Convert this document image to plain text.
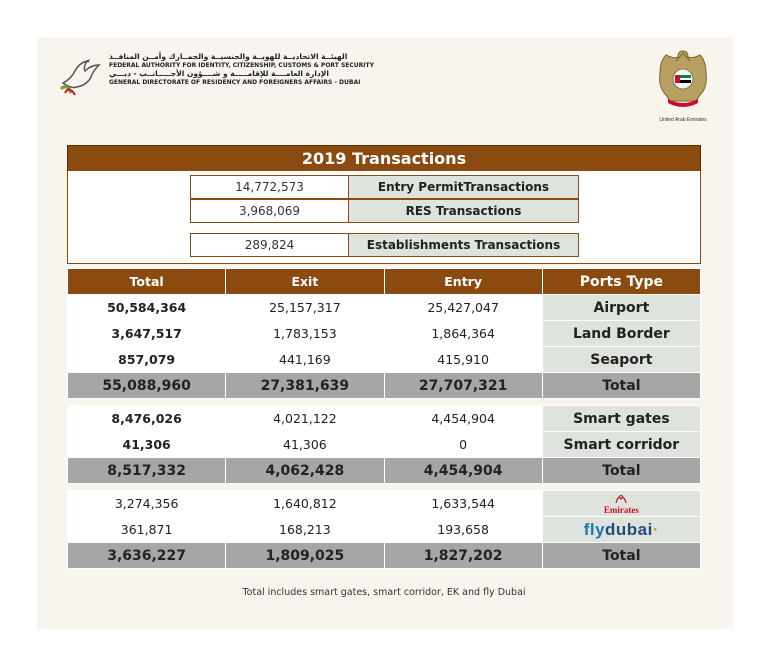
الهيئــة الاتحاديــة للهويــة والجنسيــة والجمــارك وأمــن المنافــذ
FEDERAL AUTHORITY FOR IDENTITY, CITIZENSHIP, CUSTOMS & PORT SECURITY
الإدارة العامــــة للإقامـــــة و شــــؤون الأجـــــانــب - دبـــي
GENERAL DIRECTORATE OF RESIDENCY AND FOREIGNERS AFFAIRS - DUBAI
United Arab Emirates
2019 Transactions
14,772,573	Entry PermitTransactions
3,968,069	RES Transactions
289,824	Establishments Transactions
Total	Exit	Entry	Ports Type
50,584,364	25,157,317	25,427,047	Airport
3,647,517	1,783,153	1,864,364	Land Border
857,079	441,169	415,910	Seaport
55,088,960	27,381,639	27,707,321	Total

8,476,026	4,021,122	4,454,904	Smart gates
41,306	41,306	0	Smart corridor
8,517,332	4,062,428	4,454,904	Total

3,274,356	1,640,812	1,633,544	Emirates

361,871	168,213	193,658	flydubai·
3,636,227	1,809,025	1,827,202	Total
Total includes smart gates, smart corridor, EK and fly Dubai
